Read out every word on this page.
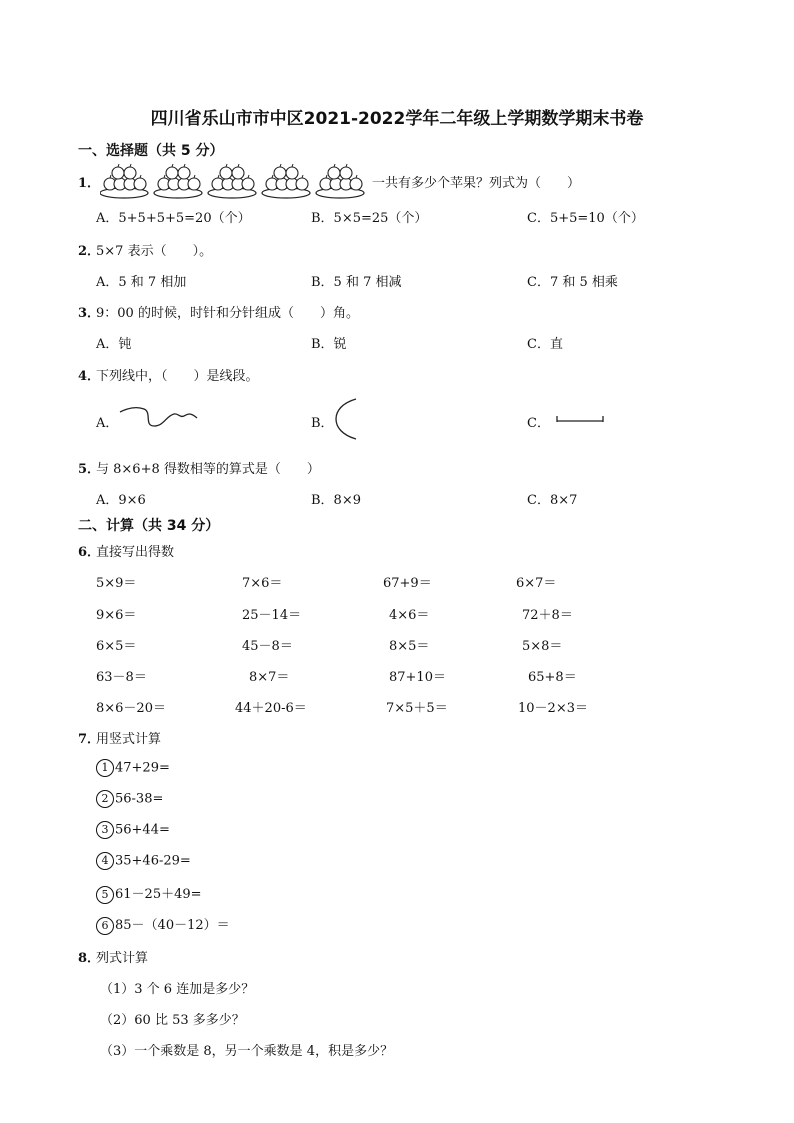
四川省乐山市市中区2021-2022学年二年级上学期数学期末书卷
一、选择题（共 5 分）
1．	一共有多少个苹果？列式为（　　）
A．5+5+5+5=20（个）	B．5×5=25（个）	C．5+5=10（个）
2．
5×7 表示（　　）。
A．5 和 7 相加	B．5 和 7 相减	C．7 和 5 相乘
3．
9：00 的时候，时针和分针组成（　　）角。
A．钝	B．锐	C．直
4．
下列线中，（　　）是线段。
A．	B．	C．
5．
与 8×6+8 得数相等的算式是（　　）
A．9×6	B．8×9	C．8×7
二、计算（共 34 分）
6．
直接写出得数
5×9＝	7×6＝	67+9＝	6×7＝
9×6＝	25－14＝	4×6＝	72＋8＝
6×5＝	45－8＝	8×5＝	5×8＝
63－8＝	8×7＝	87+10＝	65+8＝
8×6－20＝	44＋20-6＝	7×5＋5＝	10－2×3＝
7．
用竖式计算
1 47+29=
2 56-38=
3 56+44=
4 35+46-29=
5 61－25＋49=
6 85－（40－12）＝
8．
列式计算
（1）3 个 6 连加是多少？
（2）60 比 53 多多少？
（3）一个乘数是 8，另一个乘数是 4，积是多少？
